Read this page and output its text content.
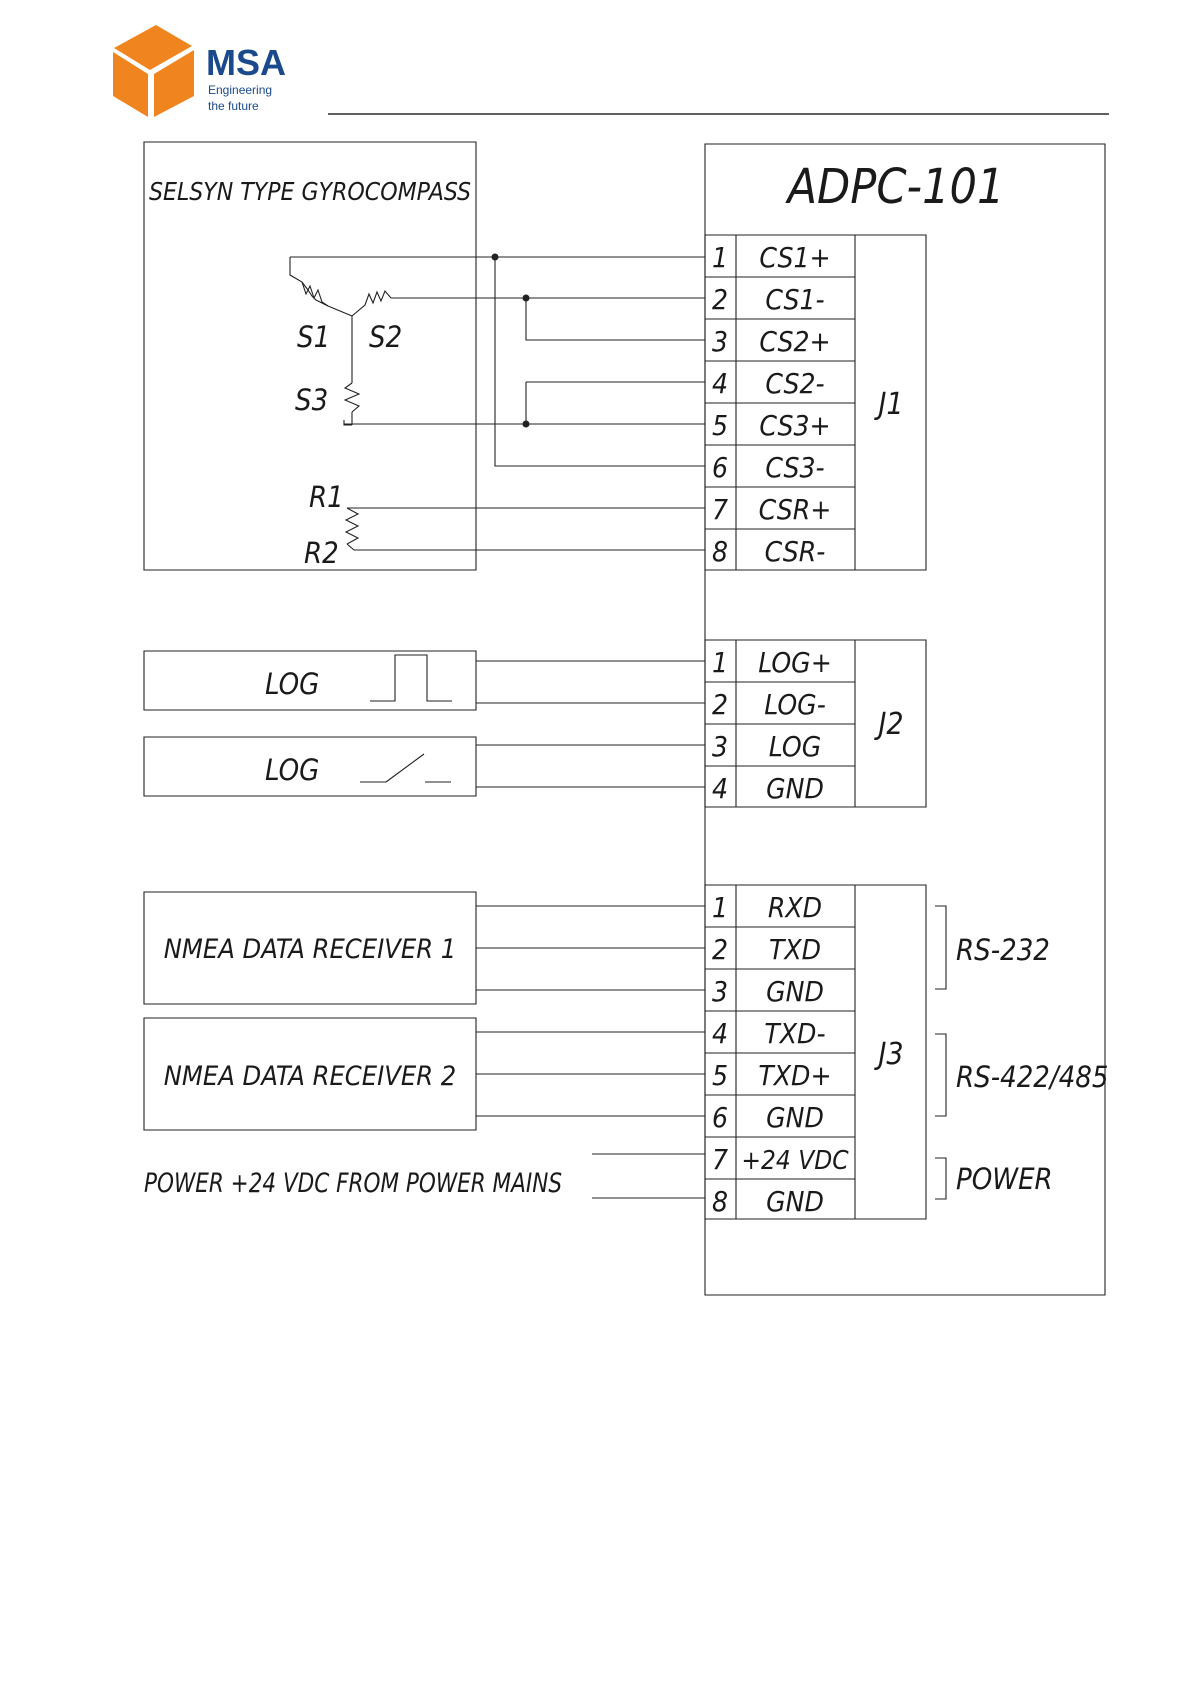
MSA
Engineering
the future
ADPC-101
SELSYN TYPE GYROCOMPASS
S1 S2
S3
R1
R2
LOG
LOG
NMEA DATA RECEIVER 1
NMEA DATA RECEIVER 2
POWER +24 VDC FROM POWER MAINS
RS-232
RS-422/485
POWER
1 CS1+
2 CS1-
3 CS2+
4 CS2-
5 CS3+
6 CS3-
7 CSR+
8 CSR-
J1
1 LOG+
2 LOG-
3 LOG
4 GND
J2
1 RXD
2 TXD
3 GND
4 TXD-
5 TXD+
6 GND
7 +24 VDC
8 GND
J3
